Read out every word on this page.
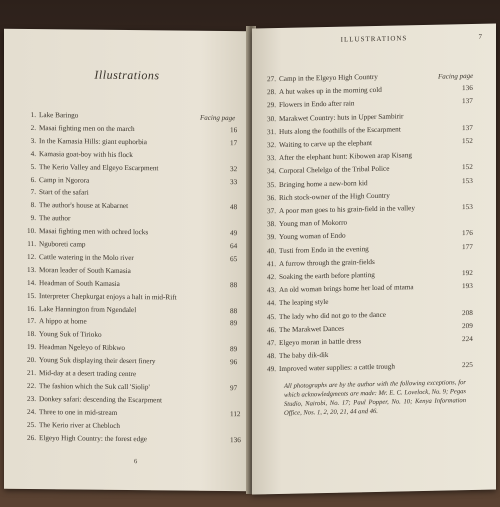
Illustrations
Facing page
1. Lake Baringo
2. Masai fighting men on the march	16
3. In the Kamasia Hills: giant euphorbia	17
4. Kamasia goat-boy with his flock
5. The Kerio Valley and Elgeyo Escarpment	32
6. Camp in Ngorora	33
7. Start of the safari
8. The author's house at Kabarnet	48
9. The author
10. Masai fighting men with ochred locks	49
11. Nguboreti camp	64
12. Cattle watering in the Molo river	65
13. Moran leader of South Kamasia
14. Headman of South Kamasia	88
15. Interpreter Chepkurgat enjoys a halt in mid-Rift
16. Lake Hannington from Ngendalel	88
17. A hippo at home	89
18. Young Suk of Tirioko
19. Headman Ngeleyo of Ribkwo	89
20. Young Suk displaying their desert finery	96
21. Mid-day at a desert trading centre
22. The fashion which the Suk call 'Siolip'	97
23. Donkey safari: descending the Escarpment
24. Three to one in mid-stream	112
25. The Kerio river at Chebloch
26. Elgeyo High Country: the forest edge	136
6
ILLUSTRATIONS	7
Facing page
27. Camp in the Elgeyo High Country
28. A hut wakes up in the morning cold	136
29. Flowers in Endo after rain	137
30. Marakwet Country: huts in Upper Sambirir
31. Huts along the foothills of the Escarpment	137
32. Waiting to carve up the elephant	152
33. After the elephant hunt: Kibowen arap Kisang
34. Corporal Chelelgo of the Tribal Police	152
35. Bringing home a new-born kid	153
36. Rich stock-owner of the High Country
37. A poor man goes to his grain-field in the valley	153
38. Young man of Mokorro
39. Young woman of Endo	176
40. Tusti from Endo in the evening	177
41. A furrow through the grain-fields
42. Soaking the earth before planting	192
43. An old woman brings home her load of mtama	193
44. The leaping style
45. The lady who did not go to the dance	208
46. The Marakwet Dances	209
47. Elgeyo moran in battle dress	224
48. The baby dik-dik
49. Improved water supplies: a cattle trough	225
All photographs are by the author with the following exceptions, for which acknowledgments are made: Mr. E. C. Lovelock, No. 9; Pegas Studio, Nairobi, No. 17; Paul Popper, No. 10; Kenya Information Office, Nos. 1, 2, 20, 21, 44 and 46.
